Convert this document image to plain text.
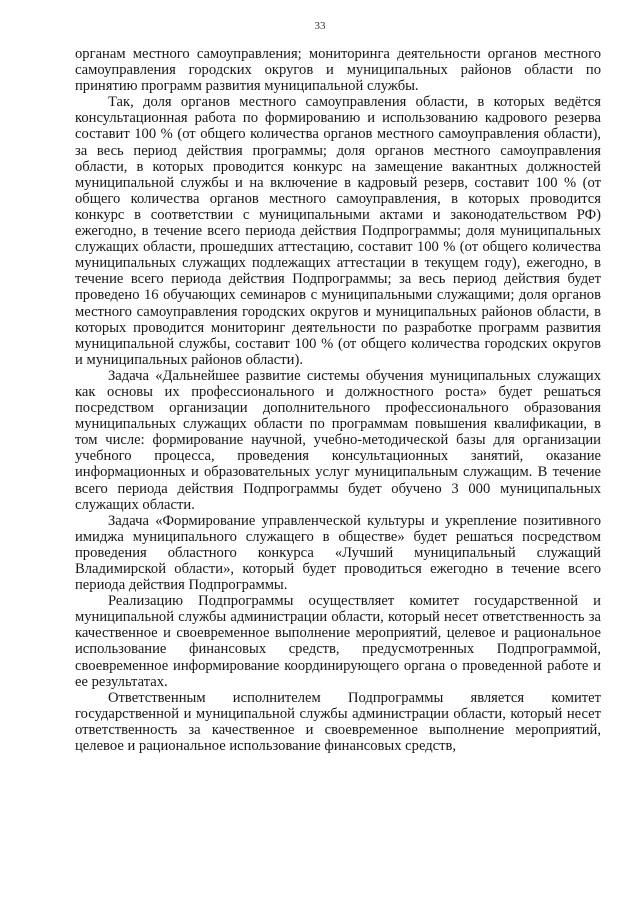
33

органам местного самоуправления; мониторинга деятельности органов местного самоуправления городских округов и муниципальных районов области по принятию программ развития муниципальной службы.

Так, доля органов местного самоуправления области, в которых ведётся консультационная работа по формированию и использованию кадрового резерва составит 100 % (от общего количества органов местного самоуправления области), за весь период действия программы; доля органов местного самоуправления области, в которых проводится конкурс на замещение вакантных должностей муниципальной службы и на включение в кадровый резерв, составит 100 % (от общего количества органов местного самоуправления, в которых проводится конкурс в соответствии с муниципальными актами и законодательством РФ) ежегодно, в течение всего периода действия Подпрограммы; доля муниципальных служащих области, прошедших аттестацию, составит 100 % (от общего количества муниципальных служащих подлежащих аттестации в текущем году), ежегодно, в течение всего периода действия Подпрограммы; за весь период действия будет проведено 16 обучающих семинаров с муниципальными служащими; доля органов местного самоуправления городских округов и муниципальных районов области, в которых проводится мониторинг деятельности по разработке программ развития муниципальной службы, составит 100 % (от общего количества городских округов и муниципальных районов области).

Задача «Дальнейшее развитие системы обучения муниципальных служащих как основы их профессионального и должностного роста» будет решаться посредством организации дополнительного профессионального образования муниципальных служащих области по программам повышения квалификации, в том числе: формирование научной, учебно-методической базы для организации учебного процесса, проведения консультационных занятий, оказание информационных и образовательных услуг муниципальным служащим. В течение всего периода действия Подпрограммы будет обучено 3 000 муниципальных служащих области.

Задача «Формирование управленческой культуры и укрепление позитивного имиджа муниципального служащего в обществе» будет решаться посредством проведения областного конкурса «Лучший муниципальный служащий Владимирской области», который будет проводиться ежегодно в течение всего периода действия Подпрограммы.

Реализацию Подпрограммы осуществляет комитет государственной и муниципальной службы администрации области, который несет ответственность за качественное и своевременное выполнение мероприятий, целевое и рациональное использование финансовых средств, предусмотренных Подпрограммой, своевременное информирование координирующего органа о проведенной работе и ее результатах.

Ответственным исполнителем Подпрограммы является комитет государственной и муниципальной службы администрации области, который несет ответственность за качественное и своевременное выполнение мероприятий, целевое и рациональное использование финансовых средств,
